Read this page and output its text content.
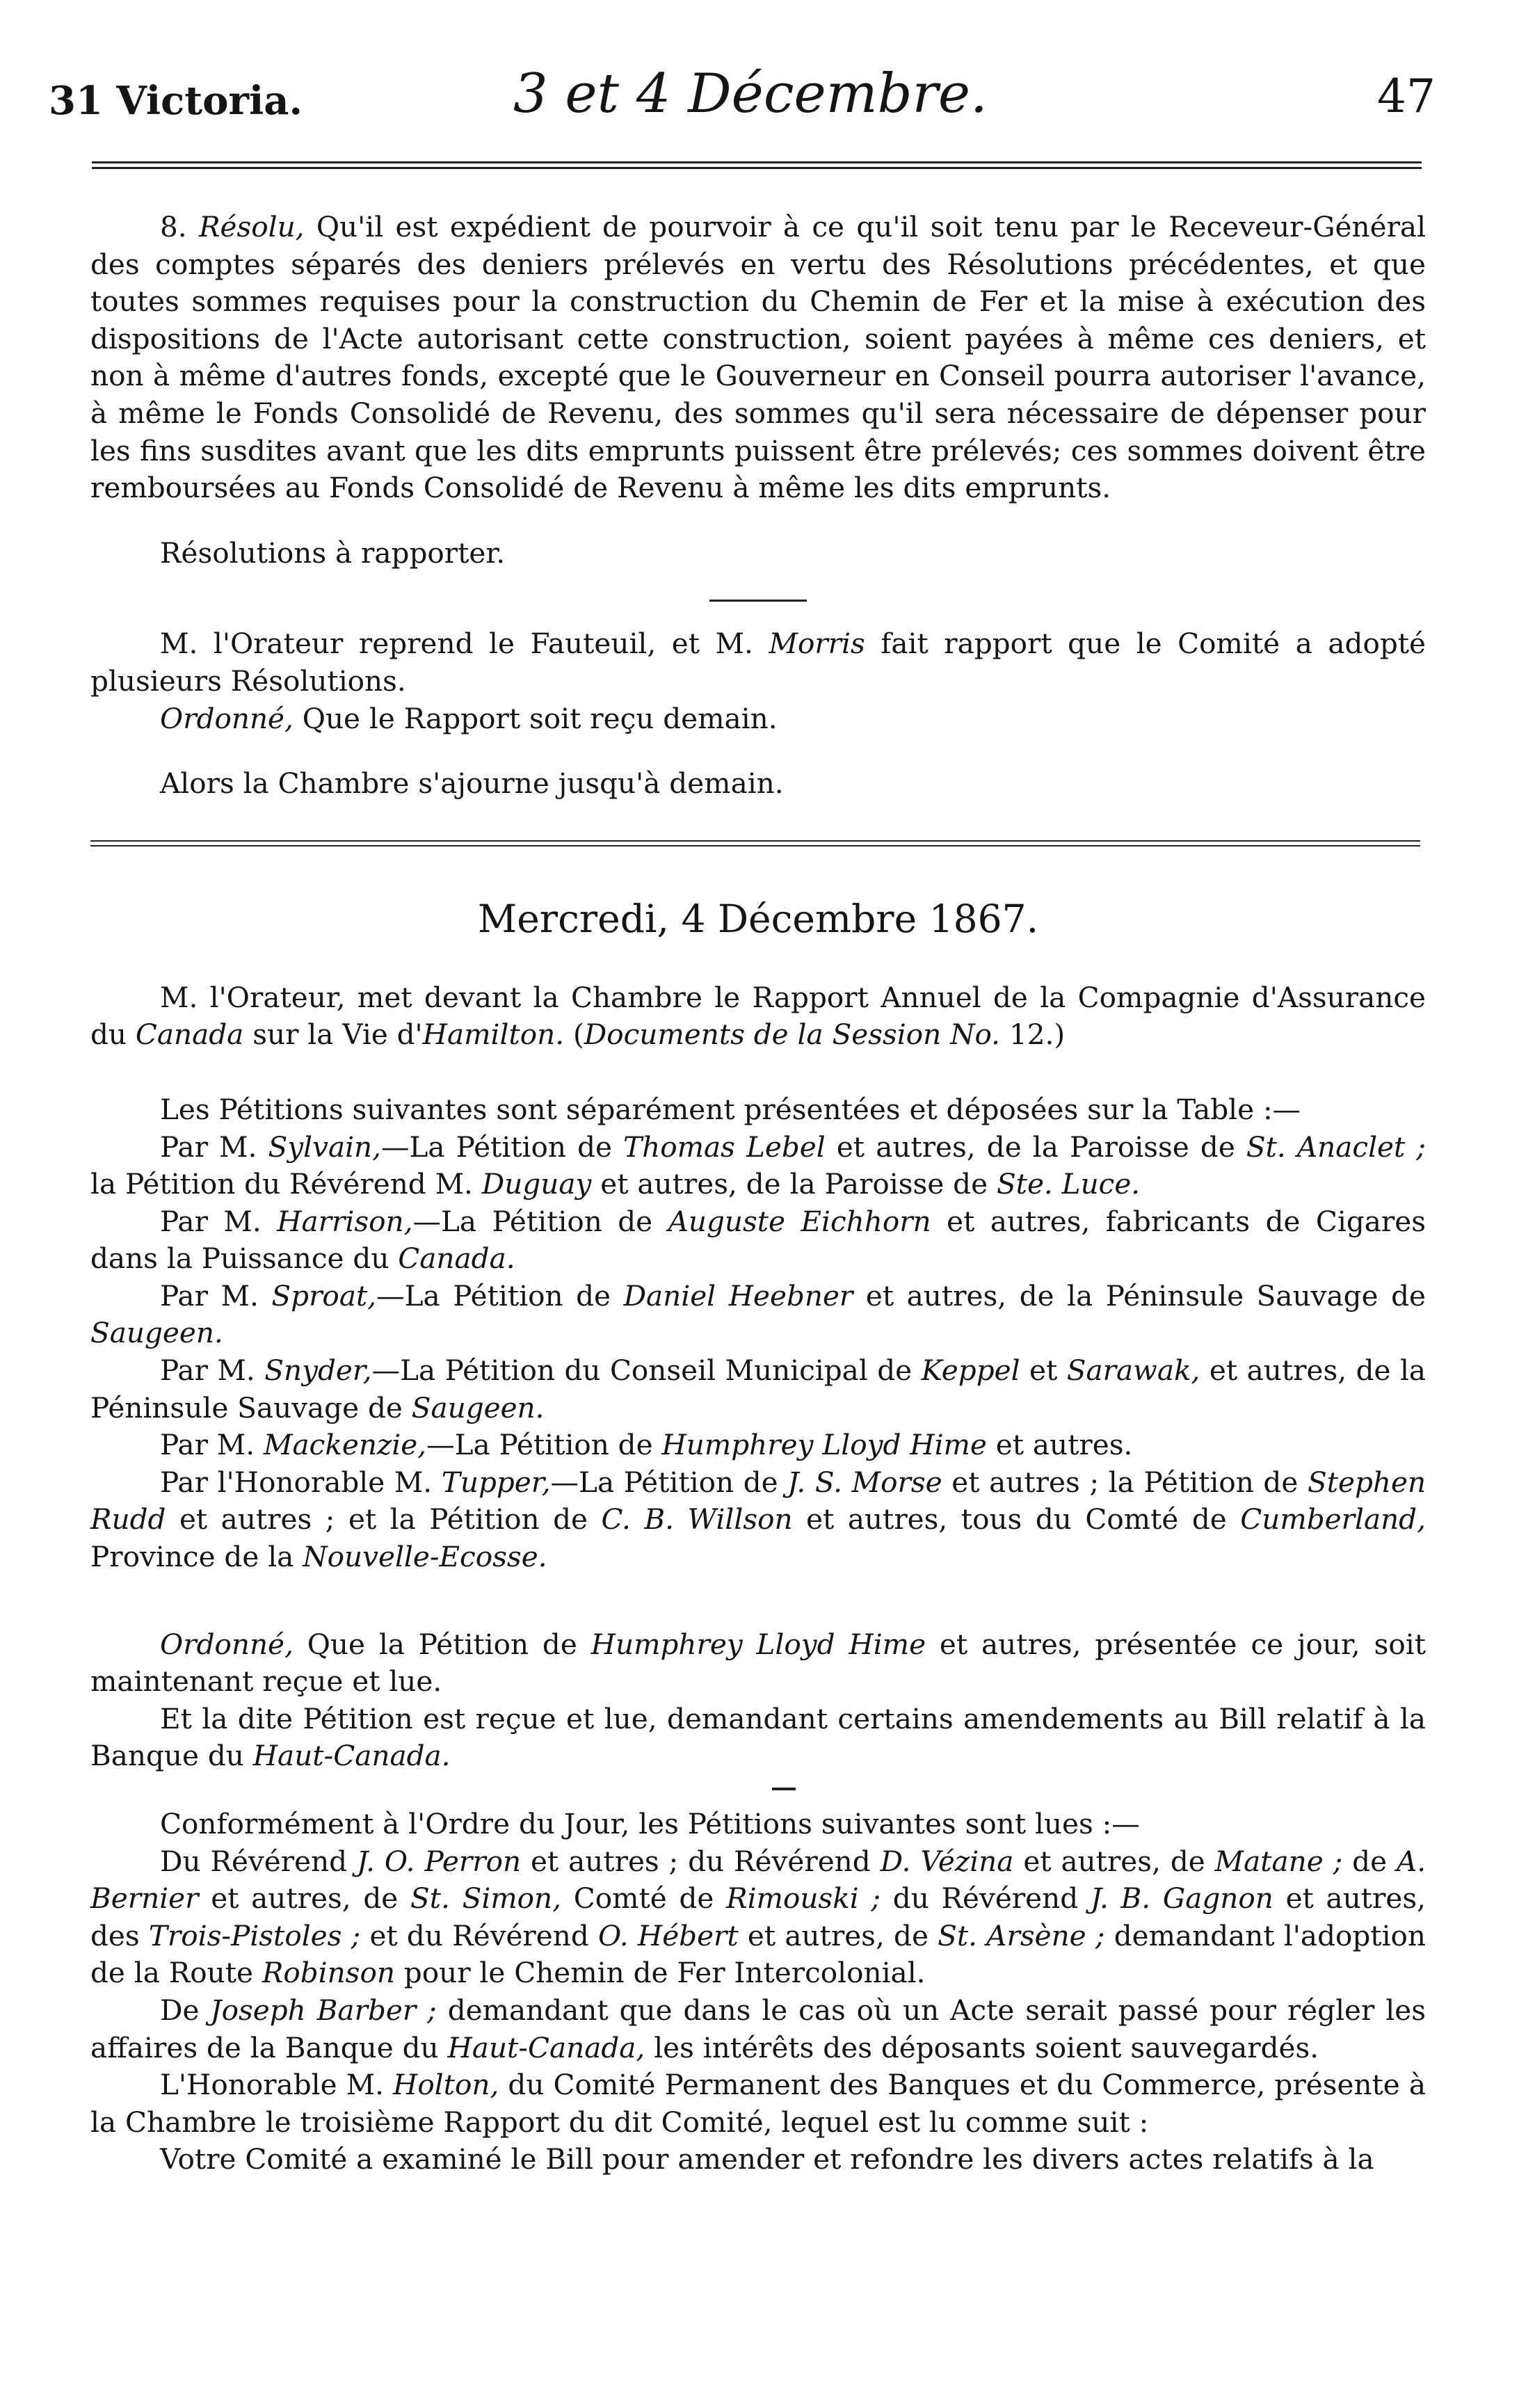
31 Victoria.	3 et 4 Décembre.	47

8. Résolu, Qu'il est expédient de pourvoir à ce qu'il soit tenu par le Receveur-Général des comptes séparés des deniers prélevés en vertu des Résolutions précédentes, et que toutes sommes requises pour la construction du Chemin de Fer et la mise à exécution des dispositions de l'Acte autorisant cette construction, soient payées à même ces deniers, et non à même d'autres fonds, excepté que le Gouverneur en Conseil pourra autoriser l'avance, à même le Fonds Consolidé de Revenu, des sommes qu'il sera nécessaire de dépenser pour les fins susdites avant que les dits emprunts puissent être prélevés; ces sommes doivent être remboursées au Fonds Consolidé de Revenu à même les dits emprunts.

Résolutions à rapporter.

M. l'Orateur reprend le Fauteuil, et M. Morris fait rapport que le Comité a adopté plusieurs Résolutions.

Ordonné, Que le Rapport soit reçu demain.

Alors la Chambre s'ajourne jusqu'à demain.

Mercredi, 4 Décembre 1867.

M. l'Orateur, met devant la Chambre le Rapport Annuel de la Compagnie d'Assurance du Canada sur la Vie d'Hamilton. (Documents de la Session No. 12.)

Les Pétitions suivantes sont séparément présentées et déposées sur la Table :—

Par M. Sylvain,—La Pétition de Thomas Lebel et autres, de la Paroisse de St. Anaclet ; la Pétition du Révérend M. Duguay et autres, de la Paroisse de Ste. Luce.

Par M. Harrison,—La Pétition de Auguste Eichhorn et autres, fabricants de Cigares dans la Puissance du Canada.

Par M. Sproat,—La Pétition de Daniel Heebner et autres, de la Péninsule Sauvage de Saugeen.

Par M. Snyder,—La Pétition du Conseil Municipal de Keppel et Sarawak, et autres, de la Péninsule Sauvage de Saugeen.

Par M. Mackenzie,—La Pétition de Humphrey Lloyd Hime et autres.

Par l'Honorable M. Tupper,—La Pétition de J. S. Morse et autres ; la Pétition de Stephen Rudd et autres ; et la Pétition de C. B. Willson et autres, tous du Comté de Cumberland, Province de la Nouvelle-Ecosse.

Ordonné, Que la Pétition de Humphrey Lloyd Hime et autres, présentée ce jour, soit maintenant reçue et lue.

Et la dite Pétition est reçue et lue, demandant certains amendements au Bill relatif à la Banque du Haut-Canada.

Conformément à l'Ordre du Jour, les Pétitions suivantes sont lues :—

Du Révérend J. O. Perron et autres ; du Révérend D. Vézina et autres, de Matane ; de A. Bernier et autres, de St. Simon, Comté de Rimouski ; du Révérend J. B. Gagnon et autres, des Trois-Pistoles ; et du Révérend O. Hébert et autres, de St. Arsène ; demandant l'adoption de la Route Robinson pour le Chemin de Fer Intercolonial.

De Joseph Barber ; demandant que dans le cas où un Acte serait passé pour régler les affaires de la Banque du Haut-Canada, les intérêts des déposants soient sauvegardés.

L'Honorable M. Holton, du Comité Permanent des Banques et du Commerce, présente à la Chambre le troisième Rapport du dit Comité, lequel est lu comme suit :

Votre Comité a examiné le Bill pour amender et refondre les divers actes relatifs à la
